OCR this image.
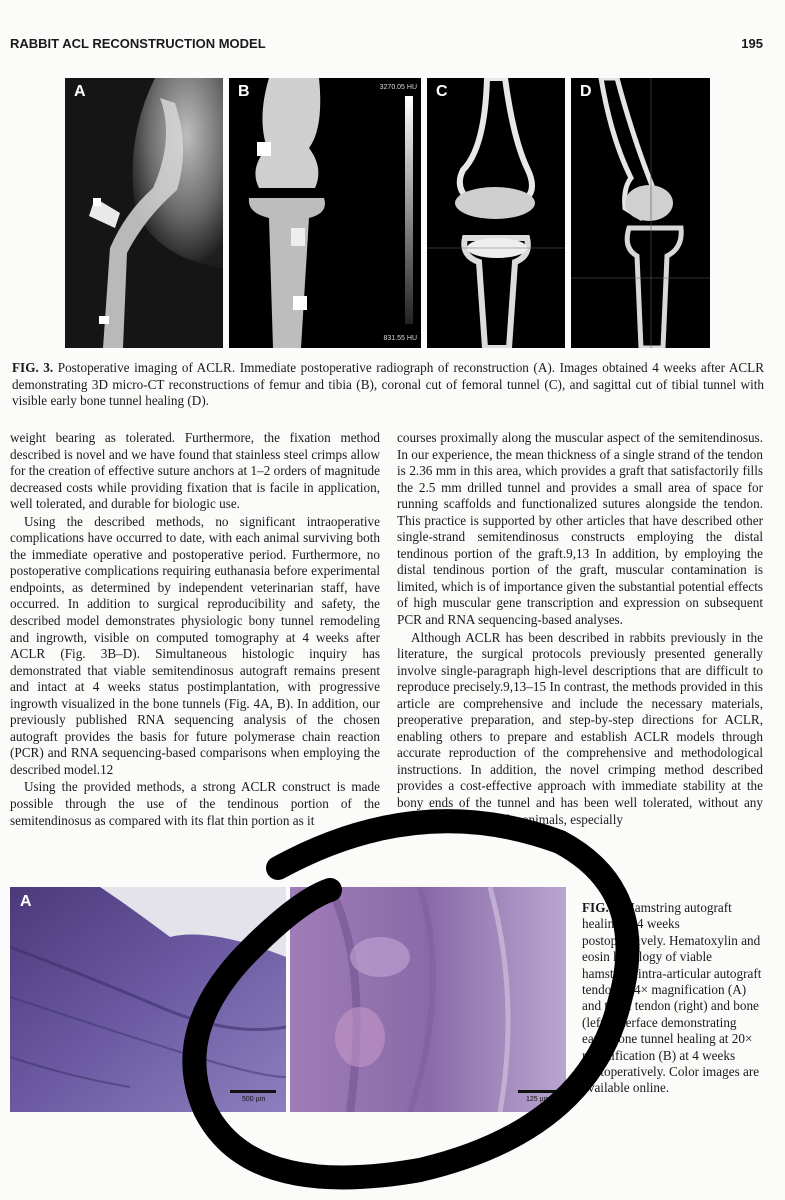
RABBIT ACL RECONSTRUCTION MODEL	195
A	B	3270.05 HU
831.55 HU
C	D
FIG. 3. Postoperative imaging of ACLR. Immediate postoperative radiograph of reconstruction (A). Images obtained 4 weeks after ACLR demonstrating 3D micro-CT reconstructions of femur and tibia (B), coronal cut of femoral tunnel (C), and sagittal cut of tibial tunnel with visible early bone tunnel healing (D).

weight bearing as tolerated. Furthermore, the fixation method described is novel and we have found that stainless steel crimps allow for the creation of effective suture anchors at 1–2 orders of magnitude decreased costs while providing fixation that is facile in application, well tolerated, and durable for biologic use.

Using the described methods, no significant intraoperative complications have occurred to date, with each animal surviving both the immediate operative and postoperative period. Furthermore, no postoperative complications requiring euthanasia before experimental endpoints, as determined by independent veterinarian staff, have occurred. In addition to surgical reproducibility and safety, the described model demonstrates physiologic bony tunnel remodeling and ingrowth, visible on computed tomography at 4 weeks after ACLR (Fig. 3B–D). Simultaneous histologic inquiry has demonstrated that viable semitendinosus autograft remains present and intact at 4 weeks status postimplantation, with progressive ingrowth visualized in the bone tunnels (Fig. 4A, B). In addition, our previously published RNA sequencing analysis of the chosen autograft provides the basis for future polymerase chain reaction (PCR) and RNA sequencing-based comparisons when employing the described model.12

Using the provided methods, a strong ACLR construct is made possible through the use of the tendinous portion of the semitendinosus as compared with its flat thin portion as it

courses proximally along the muscular aspect of the semitendinosus. In our experience, the mean thickness of a single strand of the tendon is 2.36 mm in this area, which provides a graft that satisfactorily fills the 2.5 mm drilled tunnel and provides a small area of space for running scaffolds and functionalized sutures alongside the tendon. This practice is supported by other articles that have described other single-strand semitendinosus constructs employing the distal tendinous portion of the graft.9,13 In addition, by employing the distal tendinous portion of the graft, muscular contamination is limited, which is of importance given the substantial potential effects of high muscular gene transcription and expression on subsequent PCR and RNA sequencing-based analyses.

Although ACLR has been described in rabbits previously in the literature, the surgical protocols previously presented generally involve single-paragraph high-level descriptions that are difficult to reproduce precisely.9,13–15 In contrast, the methods provided in this article are comprehensive and include the necessary materials, preoperative preparation, and step-by-step directions for ACLR, enabling others to prepare and establish ACLR models through accurate reproduction of the comprehensive and methodological instructions. In addition, the novel crimping method described provides a cost-effective approach with immediate stability at the bony ends of the tunnel and has been well tolerated, without any noted skin issues in the animals, especially

A
500 µm
B
125 µm
FIG. 4. Hamstring autograft healing at 4 weeks postoperatively. Hematoxylin and eosin histology of viable hamstring intra-articular autograft tendon at 4× magnification (A) and tibial tendon (right) and bone (left) interface demonstrating early bone tunnel healing at 20× magnification (B) at 4 weeks postoperatively. Color images are available online.
